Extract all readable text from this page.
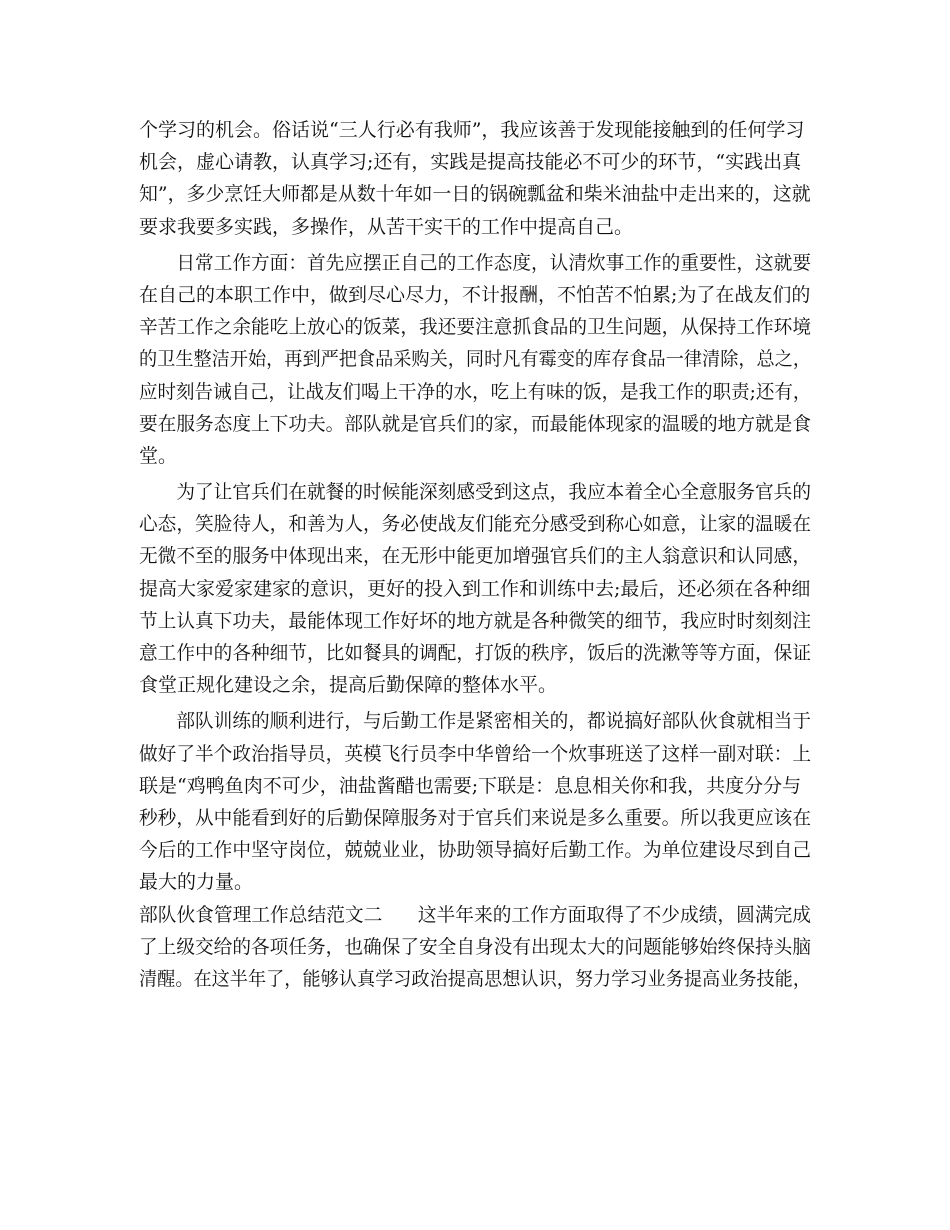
个学习的机会。俗话说“三人行必有我师”，我应该善于发现能接触到的任何学习
机会，虚心请教，认真学习;还有，实践是提高技能必不可少的环节，“实践出真
知”，多少烹饪大师都是从数十年如一日的锅碗瓢盆和柴米油盐中走出来的，这就
要求我要多实践，多操作，从苦干实干的工作中提高自己。
　　日常工作方面：首先应摆正自己的工作态度，认清炊事工作的重要性，这就要
在自己的本职工作中，做到尽心尽力，不计报酬，不怕苦不怕累;为了在战友们的
辛苦工作之余能吃上放心的饭菜，我还要注意抓食品的卫生问题，从保持工作环境
的卫生整洁开始，再到严把食品采购关，同时凡有霉变的库存食品一律清除，总之，
应时刻告诫自己，让战友们喝上干净的水，吃上有味的饭，是我工作的职责;还有，
要在服务态度上下功夫。部队就是官兵们的家，而最能体现家的温暖的地方就是食
堂。
　　为了让官兵们在就餐的时候能深刻感受到这点，我应本着全心全意服务官兵的
心态，笑脸待人，和善为人，务必使战友们能充分感受到称心如意，让家的温暖在
无微不至的服务中体现出来，在无形中能更加增强官兵们的主人翁意识和认同感，
提高大家爱家建家的意识，更好的投入到工作和训练中去;最后，还必须在各种细
节上认真下功夫，最能体现工作好坏的地方就是各种微笑的细节，我应时时刻刻注
意工作中的各种细节，比如餐具的调配，打饭的秩序，饭后的洗漱等等方面，保证
食堂正规化建设之余，提高后勤保障的整体水平。
　　部队训练的顺利进行，与后勤工作是紧密相关的，都说搞好部队伙食就相当于
做好了半个政治指导员，英模飞行员李中华曾给一个炊事班送了这样一副对联：上
联是“鸡鸭鱼肉不可少，油盐酱醋也需要;下联是：息息相关你和我，共度分分与
秒秒，从中能看到好的后勤保障服务对于官兵们来说是多么重要。所以我更应该在
今后的工作中坚守岗位，兢兢业业，协助领导搞好后勤工作。为单位建设尽到自己
最大的力量。
部队伙食管理工作总结范文二 这半年来的工作方面取得了不少成绩，圆满完成
了上级交给的各项任务，也确保了安全自身没有出现太大的问题能够始终保持头脑
清醒。在这半年了，能够认真学习政治提高思想认识，努力学习业务提高业务技能，
